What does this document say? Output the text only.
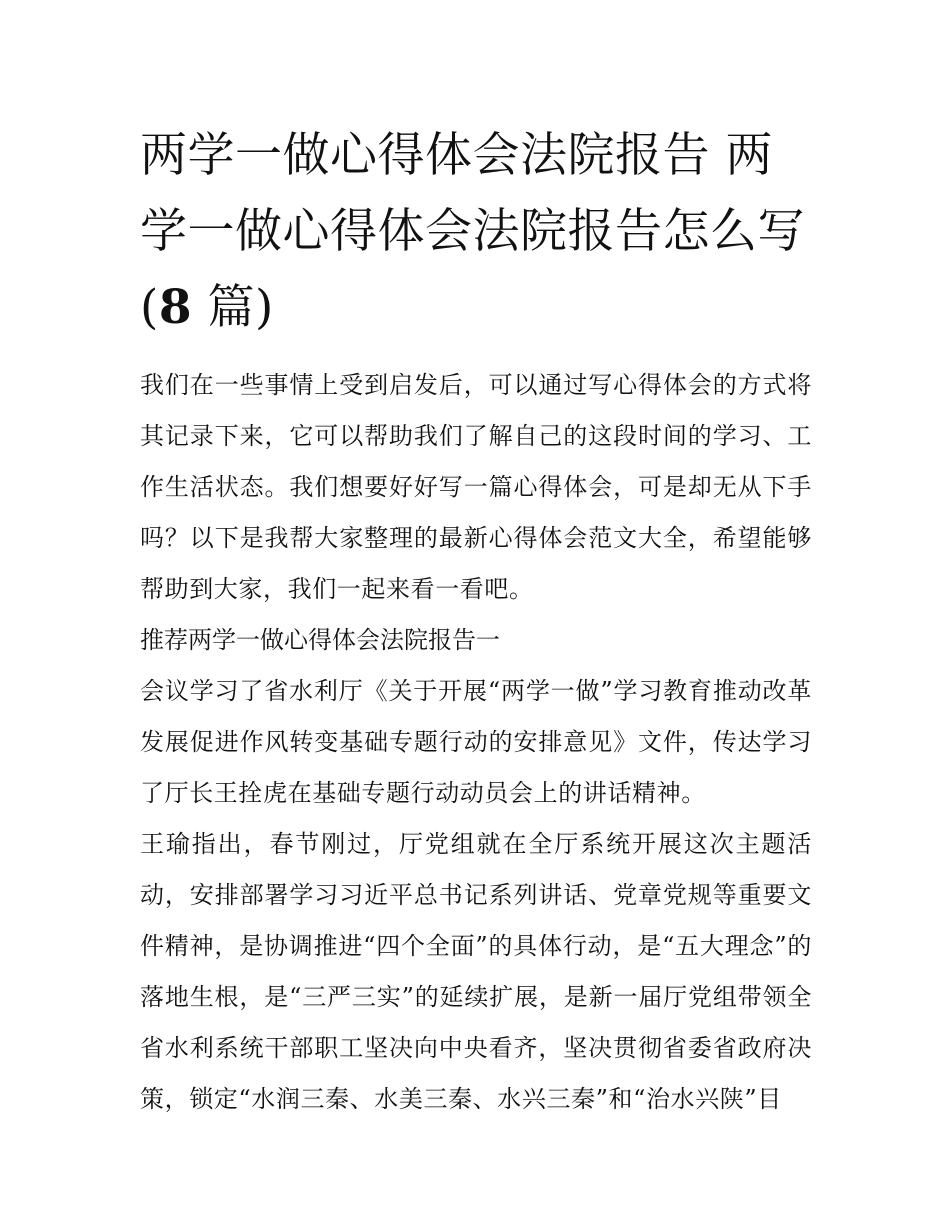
两学一做心得体会法院报告 两学一做心得体会法院报告怎么写(8 篇)

我们在一些事情上受到启发后，可以通过写心得体会的方式将其记录下来，它可以帮助我们了解自己的这段时间的学习、工作生活状态。我们想要好好写一篇心得体会，可是却无从下手吗？以下是我帮大家整理的最新心得体会范文大全，希望能够帮助到大家，我们一起来看一看吧。

推荐两学一做心得体会法院报告一

会议学习了省水利厅《关于开展“两学一做”学习教育推动改革发展促进作风转变基础专题行动的安排意见》文件，传达学习了厅长王拴虎在基础专题行动动员会上的讲话精神。

王瑜指出，春节刚过，厅党组就在全厅系统开展这次主题活动，安排部署学习习近平总书记系列讲话、党章党规等重要文件精神，是协调推进“四个全面”的具体行动，是“五大理念”的落地生根，是“三严三实”的延续扩展，是新一届厅党组带领全省水利系统干部职工坚决向中央看齐，坚决贯彻省委省政府决策，锁定“水润三秦、水美三秦、水兴三秦”和“治水兴陕”目
